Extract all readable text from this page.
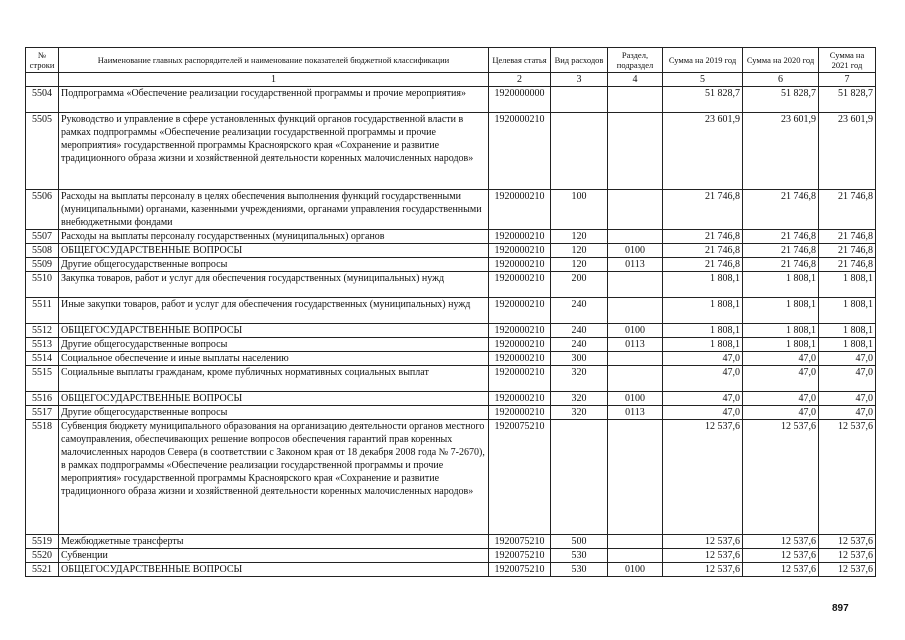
№ строки	Наименование главных распорядителей и наименование показателей бюджетной классификации	Целевая статья	Вид расходов	Раздел, подраздел	Сумма на 2019 год	Сумма на 2020 год	Сумма на 2021 год
	1	2	3	4	5	6	7
5504	Подпрограмма «Обеспечение реализации государственной программы и прочие мероприятия»	1920000000			51 828,7	51 828,7	51 828,7
5505	Руководство и управление в сфере установленных функций органов государственной власти в рамках подпрограммы «Обеспечение реализации государственной программы и прочие мероприятия» государственной программы Красноярского края «Сохранение и развитие традиционного образа жизни и хозяйственной деятельности коренных малочисленных народов»	1920000210			23 601,9	23 601,9	23 601,9
5506	Расходы на выплаты персоналу в целях обеспечения выполнения функций государственными (муниципальными) органами, казенными учреждениями, органами управления государственными внебюджетными фондами	1920000210	100		21 746,8	21 746,8	21 746,8
5507	Расходы на выплаты персоналу государственных (муниципальных) органов	1920000210	120		21 746,8	21 746,8	21 746,8
5508	ОБЩЕГОСУДАРСТВЕННЫЕ ВОПРОСЫ	1920000210	120	0100	21 746,8	21 746,8	21 746,8
5509	Другие общегосударственные вопросы	1920000210	120	0113	21 746,8	21 746,8	21 746,8
5510	Закупка товаров, работ и услуг для обеспечения государственных (муниципальных) нужд	1920000210	200		1 808,1	1 808,1	1 808,1
5511	Иные закупки товаров, работ и услуг для обеспечения государственных (муниципальных) нужд	1920000210	240		1 808,1	1 808,1	1 808,1
5512	ОБЩЕГОСУДАРСТВЕННЫЕ ВОПРОСЫ	1920000210	240	0100	1 808,1	1 808,1	1 808,1
5513	Другие общегосударственные вопросы	1920000210	240	0113	1 808,1	1 808,1	1 808,1
5514	Социальное обеспечение и иные выплаты населению	1920000210	300		47,0	47,0	47,0
5515	Социальные выплаты гражданам, кроме публичных нормативных социальных выплат	1920000210	320		47,0	47,0	47,0
5516	ОБЩЕГОСУДАРСТВЕННЫЕ ВОПРОСЫ	1920000210	320	0100	47,0	47,0	47,0
5517	Другие общегосударственные вопросы	1920000210	320	0113	47,0	47,0	47,0
5518	Субвенция бюджету муниципального образования на организацию деятельности органов местного самоуправления, обеспечивающих решение вопросов обеспечения гарантий прав коренных малочисленных народов Севера (в соответствии с Законом края от 18 декабря 2008 года № 7-2670), в рамках подпрограммы «Обеспечение реализации государственной программы и прочие мероприятия» государственной программы Красноярского края «Сохранение и развитие традиционного образа жизни и хозяйственной деятельности коренных малочисленных народов»	1920075210			12 537,6	12 537,6	12 537,6
5519	Межбюджетные трансферты	1920075210	500		12 537,6	12 537,6	12 537,6
5520	Субвенции	1920075210	530		12 537,6	12 537,6	12 537,6
5521	ОБЩЕГОСУДАРСТВЕННЫЕ ВОПРОСЫ	1920075210	530	0100	12 537,6	12 537,6	12 537,6
897
